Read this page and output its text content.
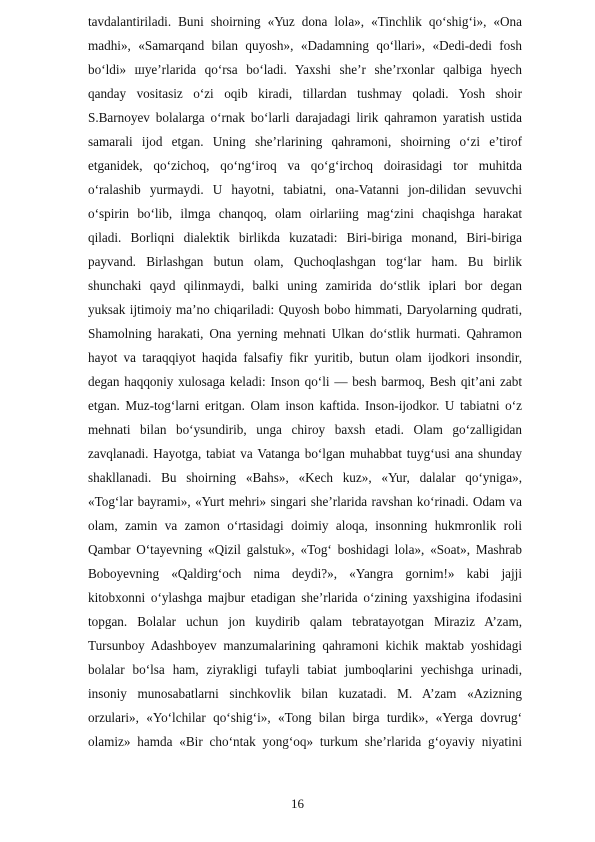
tavdalantiriladi. Buni shoirning «Yuz dona lola», «Tinchlik qoʻshigʻi», «Ona
madhi», «Samarqand bilan quyosh», «Dadamning qoʻllari», «Dedi-dedi fosh
boʻldi» шуe’rlarida qoʻrsa boʻladi. Yaxshi she’r she’rxonlar qalbiga hyech
qanday vositasiz oʻzi oqib kiradi, tillardan tushmay qoladi. Yosh shoir
S.Barnoyev bolalarga oʻrnak boʻlarli darajadagi lirik qahramon yaratish ustida
samarali ijod etgan. Uning she’rlarining qahramoni, shoirning oʻzi e’tirof
etganidek, qoʻzichoq, qoʻngʻiroq va qoʻgʻirchoq doirasidagi tor muhitda
oʻralashib yurmaydi. U hayotni, tabiatni, ona-Vatanni jon-dilidan sevuvchi
oʻspirin boʻlib, ilmga chanqoq, olam oirlariing magʻzini chaqishga harakat
qiladi. Borliqni dialektik birlikda kuzatadi: Biri-biriga monand, Biri-biriga
payvand. Birlashgan butun olam, Quchoqlashgan togʻlar ham. Bu birlik
shunchaki qayd qilinmaydi, balki uning zamirida doʻstlik iplari bor degan
yuksak ijtimoiy ma’no chiqariladi: Quyosh bobo himmati, Daryolarning qudrati,
Shamolning harakati, Ona yerning mehnati Ulkan doʻstlik hurmati. Qahramon
hayot va taraqqiyot haqida falsafiy fikr yuritib, butun olam ijodkori insondir,
degan haqqoniy xulosaga keladi: Inson qoʻli — besh barmoq, Besh qit’ani zabt
etgan. Muz-togʻlarni eritgan. Olam inson kaftida. Inson-ijodkor. U tabiatni oʻz
mehnati bilan boʻysundirib, unga chiroy baxsh etadi. Olam goʻzalligidan
zavqlanadi. Hayotga, tabiat va Vatanga boʻlgan muhabbat tuygʻusi ana shunday
shakllanadi. Bu shoirning «Bahs», «Kech kuz», «Yur, dalalar qoʻyniga»,
«Togʻlar bayrami», «Yurt mehri» singari she’rlarida ravshan koʻrinadi. Odam va
olam, zamin va zamon oʻrtasidagi doimiy aloqa, insonning hukmronlik roli
Qambar Oʻtayevning «Qizil galstuk», «Tog‘ boshidagi lola», «Soat», Mashrab
Boboyevning «Qaldirgʻoch nima deydi?», «Yangra gornim!» kabi jajji
kitobxonni oʻylashga majbur etadigan she’rlarida oʻzining yaxshigina ifodasini
topgan. Bolalar uchun jon kuydirib qalam tebratayotgan Miraziz A’zam,
Tursunboy Adashboyev manzumalarining qahramoni kichik maktab yoshidagi
bolalar boʻlsa ham, ziyrakligi tufayli tabiat jumboqlarini yechishga urinadi,
insoniy munosabatlarni sinchkovlik bilan kuzatadi. M. A’zam «Azizning
orzulari», «Yoʻlchilar qoʻshigʻi», «Tong bilan birga turdik», «Yerga dovrug‘
olamiz» hamda «Bir choʻntak yongʻoq» turkum she’rlarida gʻoyaviy niyatini
16
